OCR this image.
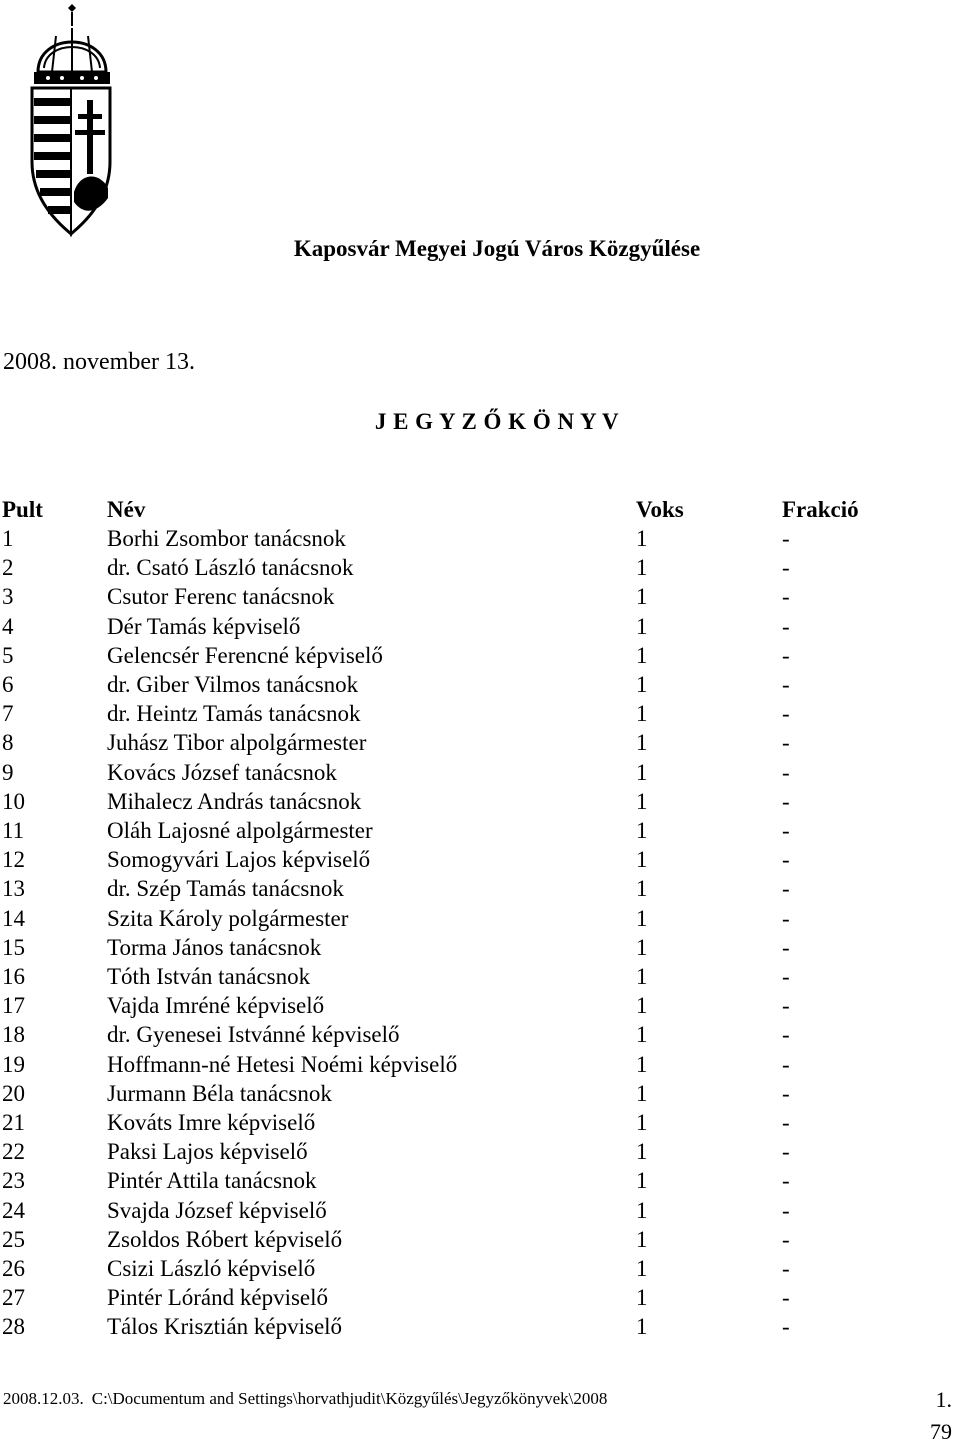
Kaposvár Megyei Jogú Város Közgyűlése
2008. november 13.
J E G Y Z Ő K Ö N Y V
Pult	Név	Voks	Frakció
1	Borhi Zsombor tanácsnok	1	-
2	dr. Csató László tanácsnok	1	-
3	Csutor Ferenc tanácsnok	1	-
4	Dér Tamás képviselő	1	-
5	Gelencsér Ferencné képviselő	1	-
6	dr. Giber Vilmos tanácsnok	1	-
7	dr. Heintz Tamás tanácsnok	1	-
8	Juhász Tibor alpolgármester	1	-
9	Kovács József tanácsnok	1	-
10	Mihalecz András tanácsnok	1	-
11	Oláh Lajosné alpolgármester	1	-
12	Somogyvári Lajos képviselő	1	-
13	dr. Szép Tamás tanácsnok	1	-
14	Szita Károly polgármester	1	-
15	Torma János tanácsnok	1	-
16	Tóth István tanácsnok	1	-
17	Vajda Imréné képviselő	1	-
18	dr. Gyenesei Istvánné képviselő	1	-
19	Hoffmann-né Hetesi Noémi képviselő	1	-
20	Jurmann Béla tanácsnok	1	-
21	Kováts Imre képviselő	1	-
22	Paksi Lajos képviselő	1	-
23	Pintér Attila tanácsnok	1	-
24	Svajda József képviselő	1	-
25	Zsoldos Róbert képviselő	1	-
26	Csizi László képviselő	1	-
27	Pintér Lóránd képviselő	1	-
28	Tálos Krisztián képviselő	1	-
2008.12.03. C:\Documentum and Settings\horvathjudit\Közgyűlés\Jegyzőkönyvek\2008	1.
79
